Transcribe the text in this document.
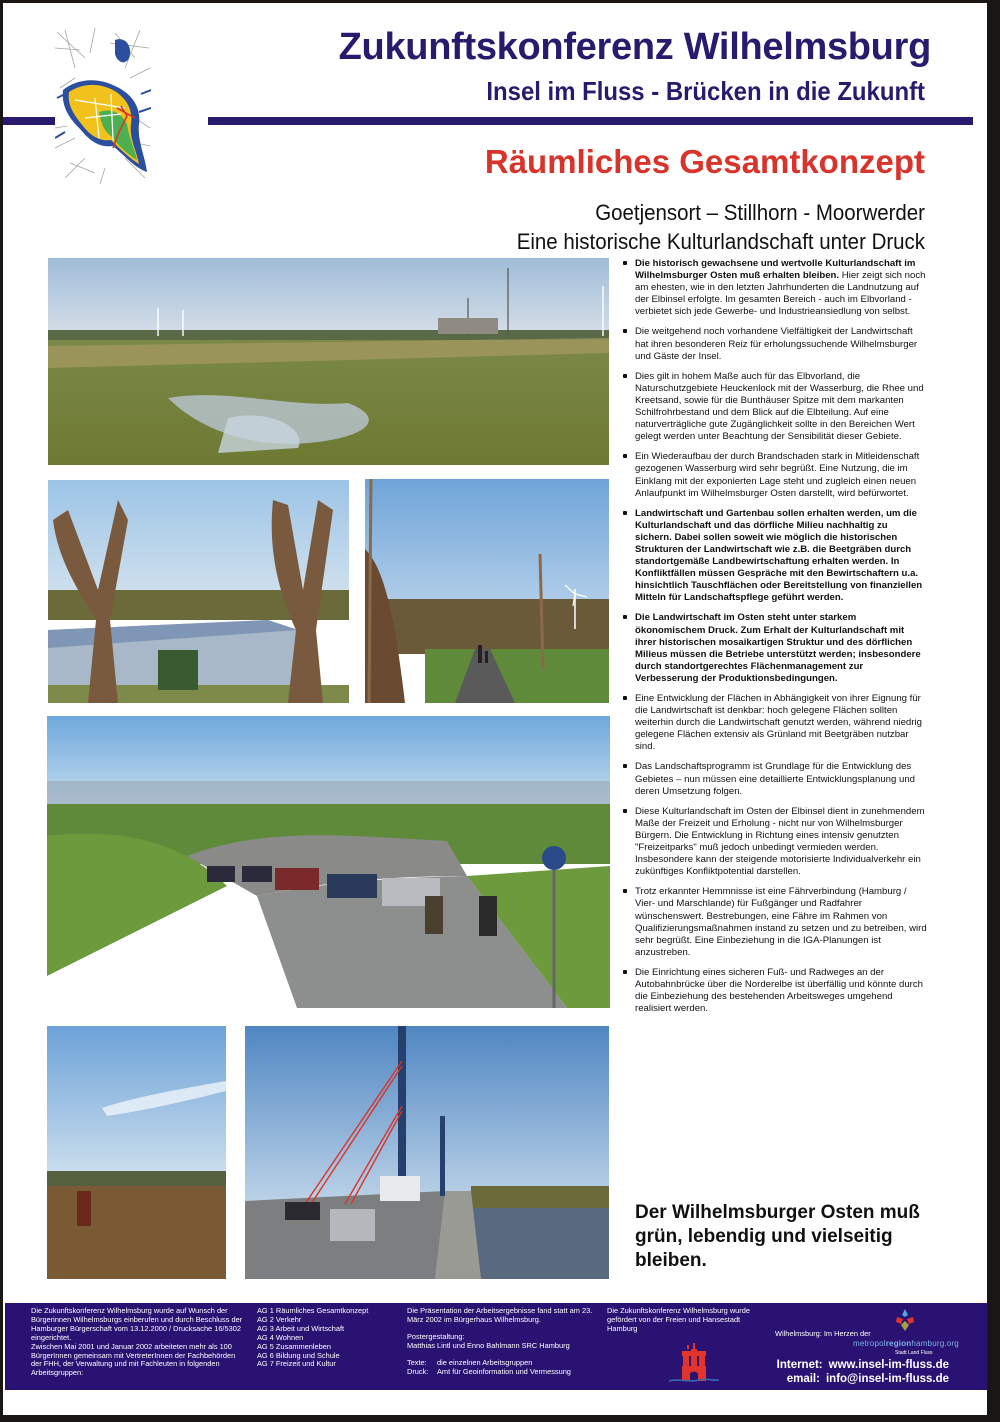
Zukunftskonferenz Wilhelmsburg
Insel im Fluss - Brücken in die Zukunft
Räumliches Gesamtkonzept
Goetjensort – Stillhorn - Moorwerder
Eine historische Kulturlandschaft unter Druck
Die historisch gewachsene und wertvolle Kulturlandschaft im Wilhelmsburger Osten muß erhalten bleiben. Hier zeigt sich noch am ehesten, wie in den letzten Jahrhunderten die Landnutzung auf der Elbinsel erfolgte. Im gesamten Bereich - auch im Elbvorland - verbietet sich jede Gewerbe- und Industrieansiedlung von selbst.
Die weitgehend noch vorhandene Vielfältigkeit der Landwirtschaft hat ihren besonderen Reiz für erholungssuchende Wilhelmsburger und Gäste der Insel.
Dies gilt in hohem Maße auch für das Elbvorland, die Naturschutzgebiete Heuckenlock mit der Wasserburg, die Rhee und Kreetsand, sowie für die Bunthäuser Spitze mit dem markanten Schilfrohrbestand und dem Blick auf die Elbteilung. Auf eine naturverträgliche gute Zugänglichkeit sollte in den Bereichen Wert gelegt werden unter Beachtung der Sensibilität dieser Gebiete.
Ein Wiederaufbau der durch Brandschaden stark in Mitleidenschaft gezogenen Wasserburg wird sehr begrüßt. Eine Nutzung, die im Einklang mit der exponierten Lage steht und zugleich einen neuen Anlaufpunkt im Wilhelmsburger Osten darstellt, wird befürwortet.
Landwirtschaft und Gartenbau sollen erhalten werden, um die Kulturlandschaft und das dörfliche Milieu nachhaltig zu sichern. Dabei sollen soweit wie möglich die historischen Strukturen der Landwirtschaft wie z.B. die Beetgräben durch standortgemäße Landbewirtschaftung erhalten werden. In Konfliktfällen müssen Gespräche mit den Bewirtschaftern u.a. hinsichtlich Tauschflächen oder Bereitstellung von finanziellen Mitteln für Landschaftspflege geführt werden.
Die Landwirtschaft im Osten steht unter starkem ökonomischem Druck. Zum Erhalt der Kulturlandschaft mit ihrer historischen mosaikartigen Struktur und des dörflichen Milieus müssen die Betriebe unterstützt werden; insbesondere durch standortgerechtes Flächenmanagement zur Verbesserung der Produktionsbedingungen.
Eine Entwicklung der Flächen in Abhängigkeit von ihrer Eignung für die Landwirtschaft ist denkbar: hoch gelegene Flächen sollten weiterhin durch die Landwirtschaft genutzt werden, während niedrig gelegene Flächen extensiv als Grünland mit Beetgräben nutzbar sind.
Das Landschaftsprogramm ist Grundlage für die Entwicklung des Gebietes – nun müssen eine detaillierte Entwicklungsplanung und deren Umsetzung folgen.
Diese Kulturlandschaft im Osten der Elbinsel dient in zunehmendem Maße der Freizeit und Erholung - nicht nur von Wilhelmsburger Bürgern. Die Entwicklung in Richtung eines intensiv genutzten "Freizeitparks" muß jedoch unbedingt vermieden werden. Insbesondere kann der steigende motorisierte Individualverkehr ein zukünftiges Konfliktpotential darstellen.
Trotz erkannter Hemmnisse ist eine Fährverbindung (Hamburg / Vier- und Marschlande) für Fußgänger und Radfahrer wünschenswert. Bestrebungen, eine Fähre im Rahmen von Qualifizierungsmaßnahmen instand zu setzen und zu betreiben, wird sehr begrüßt. Eine Einbeziehung in die IGA-Planungen ist anzustreben.
Die Einrichtung eines sicheren Fuß- und Radweges an der Autobahnbrücke über die Norderelbe ist überfällig und könnte durch die Einbeziehung des bestehenden Arbeitsweges umgehend realisiert werden.
Der Wilhelmsburger Osten muß grün, lebendig und vielseitig bleiben.

Die Zukunftskonferenz Wilhelmsburg wurde auf Wunsch der Bürgerinnen Wilhelmsburgs einberufen und durch Beschluss der Hamburger Bürgerschaft vom 13.12.2000 / Drucksache 16/5302 eingerichtet.

Zwischen Mai 2001 und Januar 2002 arbeiteten mehr als 100 BürgerInnen gemeinsam mit VertreterInnen der Fachbehörden der FHH, der Verwaltung und mit Fachleuten in folgenden Arbeitsgruppen:

AG 1 Räumliches Gesamtkonzept

AG 2 Verkehr

AG 3 Arbeit und Wirtschaft

AG 4 Wohnen

AG 5 Zusammenleben

AG 6 Bildung und Schule

AG 7 Freizeit und Kultur

Die Präsentation der Arbeitsergebnisse fand statt am 23. März 2002 im Bürgerhaus Wilhelmsburg.

Postergestaltung:

Matthias Lintl und Enno Bahlmann SRC Hamburg

Texte:	die einzelnen Arbeitsgruppen
Druck:	Amt für Geoinformation und Vermessung

Die Zukunftskonferenz Wilhelmsburg wurde gefördert von der Freien und Hansestadt Hamburg

Wilhelmsburg: Im Herzen der
metropolregionhamburg.org
Stadt Land Fluss
Internet: www.insel-im-fluss.de
email: info@insel-im-fluss.de
